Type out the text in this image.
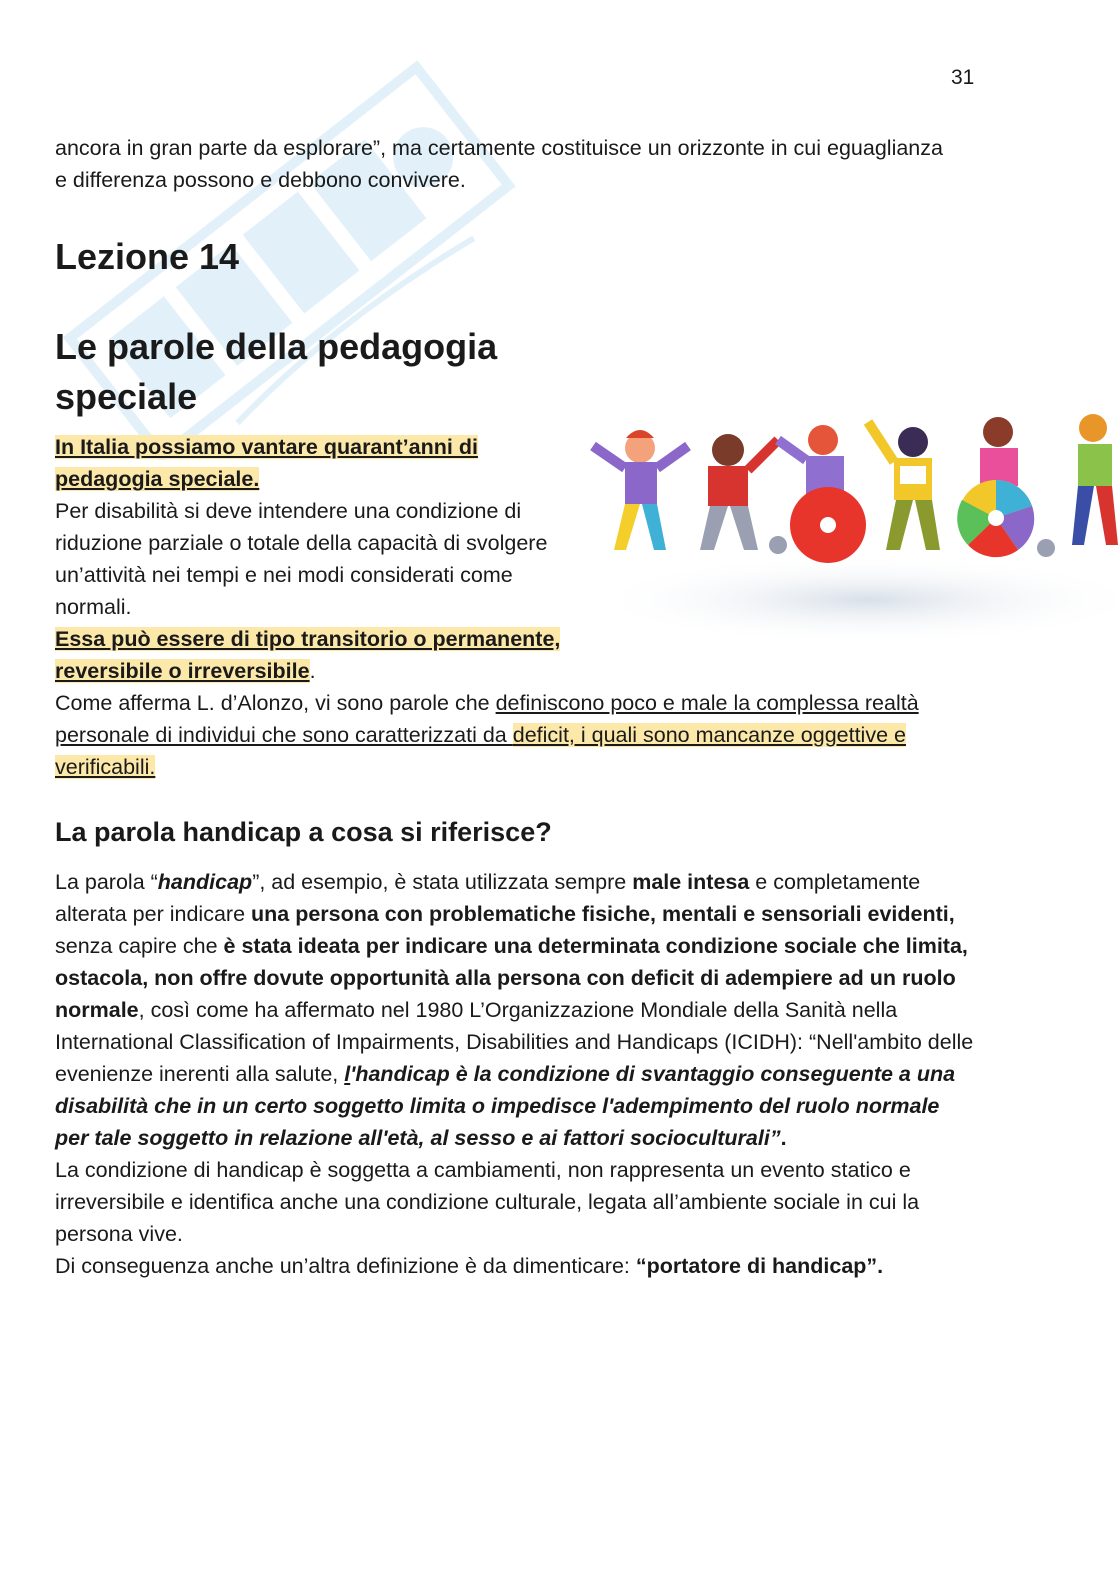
31
ancora in gran parte da esplorare”, ma certamente costituisce un orizzonte in cui eguaglianza e differenza possono e debbono convivere.
Lezione 14
Le parole della pedagogia speciale
In Italia possiamo vantare quarant’anni di pedagogia speciale.
Per disabilità si deve intendere una condizione di riduzione parziale o totale della capacità di svolgere un’attività nei tempi e nei modi considerati come normali.
Essa può essere di tipo transitorio o permanente, reversibile o irreversibile.
Come afferma L. d’Alonzo, vi sono parole che definiscono poco e male la complessa realtà personale di individui che sono caratterizzati da deficit, i quali sono mancanze oggettive e verificabili.
La parola handicap a cosa si riferisce?
La parola “handicap”, ad esempio, è stata utilizzata sempre male intesa e completamente alterata per indicare una persona con problematiche fisiche, mentali e sensoriali evidenti, senza capire che è stata ideata per indicare una determinata condizione sociale che limita, ostacola, non offre dovute opportunità alla persona con deficit di adempiere ad un ruolo normale, così come ha affermato nel 1980 L’Organizzazione Mondiale della Sanità nella International Classification of Impairments, Disabilities and Handicaps (ICIDH): “Nell'ambito delle evenienze inerenti alla salute, l'handicap è la condizione di svantaggio conseguente a una disabilità che in un certo soggetto limita o impedisce l'adempimento del ruolo normale per tale soggetto in relazione all'età, al sesso e ai fattori socioculturali”.
La condizione di handicap è soggetta a cambiamenti, non rappresenta un evento statico e irreversibile e identifica anche una condizione culturale, legata all’ambiente sociale in cui la persona vive.
Di conseguenza anche un’altra definizione è da dimenticare: “portatore di handicap”.
